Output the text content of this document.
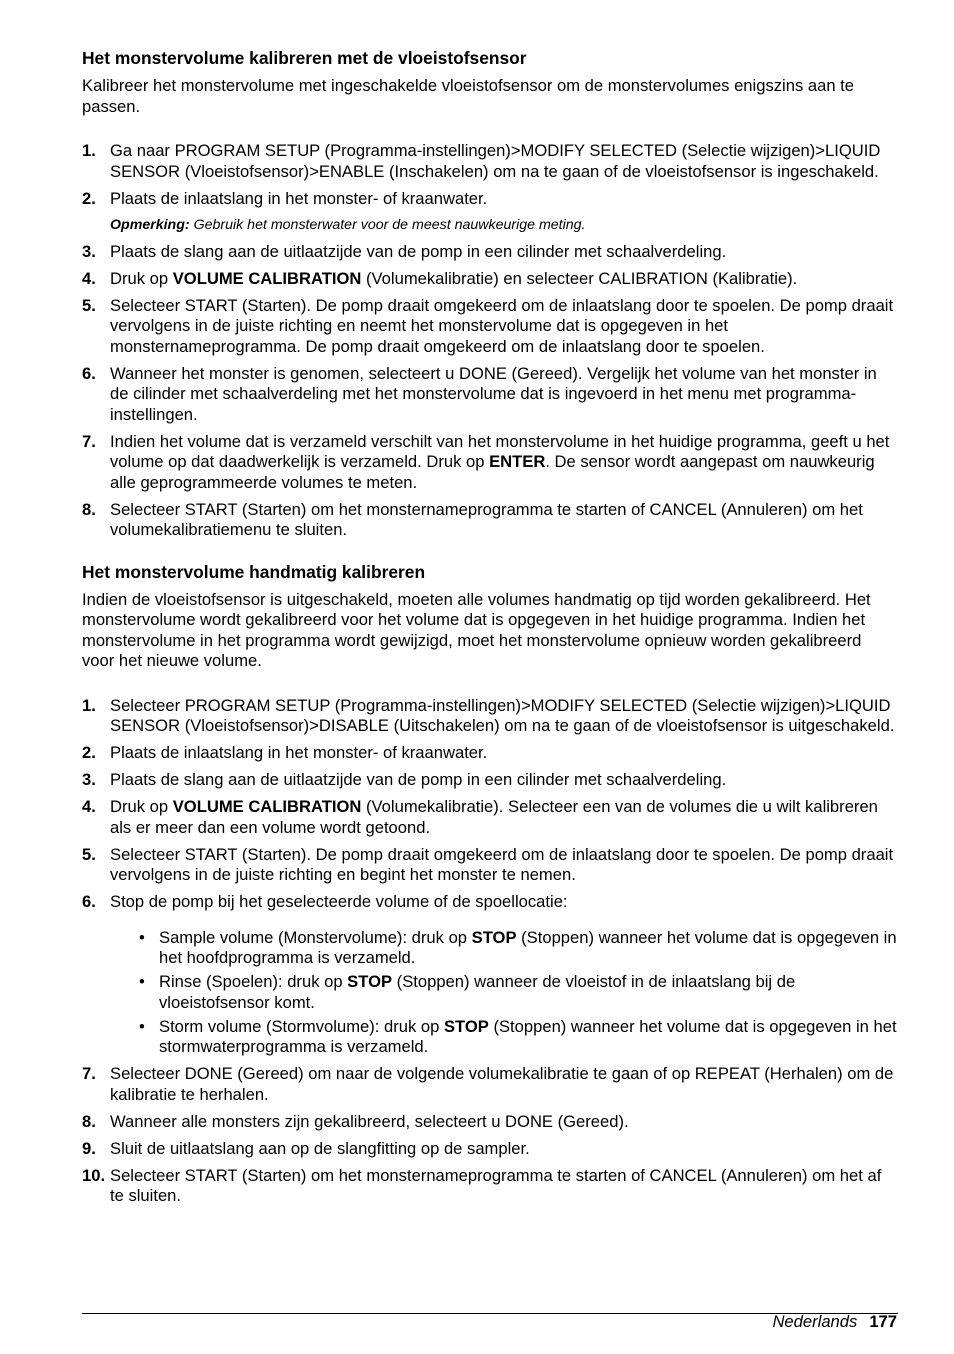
Het monstervolume kalibreren met de vloeistofsensor

Kalibreer het monstervolume met ingeschakelde vloeistofsensor om de monstervolumes enigszins aan te passen.

1. Ga naar PROGRAM SETUP (Programma-instellingen)>MODIFY SELECTED (Selectie wijzigen)>LIQUID SENSOR (Vloeistofsensor)>ENABLE (Inschakelen) om na te gaan of de vloeistofsensor is ingeschakeld.
2. Plaats de inlaatslang in het monster- of kraanwater.
Opmerking: Gebruik het monsterwater voor de meest nauwkeurige meting.
3. Plaats de slang aan de uitlaatzijde van de pomp in een cilinder met schaalverdeling.
4. Druk op VOLUME CALIBRATION (Volumekalibratie) en selecteer CALIBRATION (Kalibratie).
5. Selecteer START (Starten). De pomp draait omgekeerd om de inlaatslang door te spoelen. De pomp draait vervolgens in de juiste richting en neemt het monstervolume dat is opgegeven in het monsternameprogramma. De pomp draait omgekeerd om de inlaatslang door te spoelen.
6. Wanneer het monster is genomen, selecteert u DONE (Gereed). Vergelijk het volume van het monster in de cilinder met schaalverdeling met het monstervolume dat is ingevoerd in het menu met programma-instellingen.
7. Indien het volume dat is verzameld verschilt van het monstervolume in het huidige programma, geeft u het volume op dat daadwerkelijk is verzameld. Druk op ENTER. De sensor wordt aangepast om nauwkeurig alle geprogrammeerde volumes te meten.
8. Selecteer START (Starten) om het monsternameprogramma te starten of CANCEL (Annuleren) om het volumekalibratiemenu te sluiten.
Het monstervolume handmatig kalibreren

Indien de vloeistofsensor is uitgeschakeld, moeten alle volumes handmatig op tijd worden gekalibreerd. Het monstervolume wordt gekalibreerd voor het volume dat is opgegeven in het huidige programma. Indien het monstervolume in het programma wordt gewijzigd, moet het monstervolume opnieuw worden gekalibreerd voor het nieuwe volume.

1. Selecteer PROGRAM SETUP (Programma-instellingen)>MODIFY SELECTED (Selectie wijzigen)>LIQUID SENSOR (Vloeistofsensor)>DISABLE (Uitschakelen) om na te gaan of de vloeistofsensor is uitgeschakeld.
2. Plaats de inlaatslang in het monster- of kraanwater.
3. Plaats de slang aan de uitlaatzijde van de pomp in een cilinder met schaalverdeling.
4. Druk op VOLUME CALIBRATION (Volumekalibratie). Selecteer een van de volumes die u wilt kalibreren als er meer dan een volume wordt getoond.
5. Selecteer START (Starten). De pomp draait omgekeerd om de inlaatslang door te spoelen. De pomp draait vervolgens in de juiste richting en begint het monster te nemen.
6. Stop de pomp bij het geselecteerde volume of de spoellocatie:
• Sample volume (Monstervolume): druk op STOP (Stoppen) wanneer het volume dat is opgegeven in het hoofdprogramma is verzameld.
• Rinse (Spoelen): druk op STOP (Stoppen) wanneer de vloeistof in de inlaatslang bij de vloeistofsensor komt.
• Storm volume (Stormvolume): druk op STOP (Stoppen) wanneer het volume dat is opgegeven in het stormwaterprogramma is verzameld.
7. Selecteer DONE (Gereed) om naar de volgende volumekalibratie te gaan of op REPEAT (Herhalen) om de kalibratie te herhalen.
8. Wanneer alle monsters zijn gekalibreerd, selecteert u DONE (Gereed).
9. Sluit de uitlaatslang aan op de slangfitting op de sampler.
10. Selecteer START (Starten) om het monsternameprogramma te starten of CANCEL (Annuleren) om het af te sluiten.
Nederlands 177
